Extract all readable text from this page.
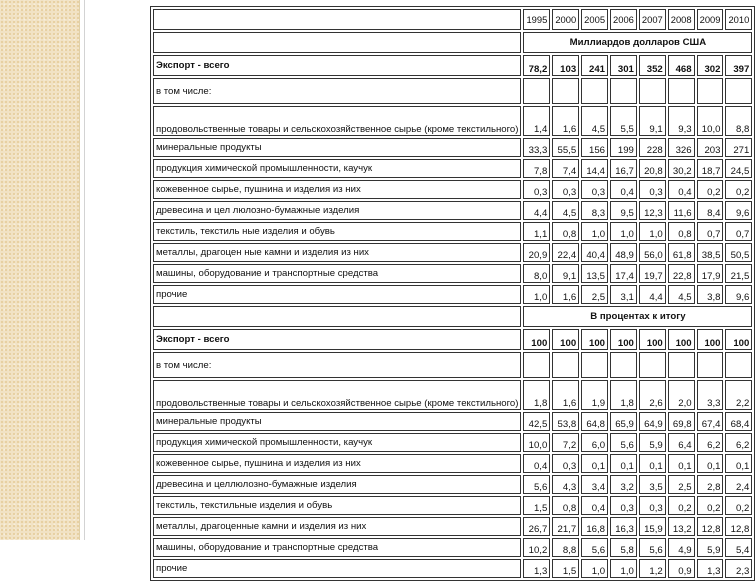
	1995	2000	2005	2006	2007	2008	2009	2010
	Миллиардов долларов США							
Экспорт - всего	78,2	103	241	301	352	468	302	397
в том числе:								
продовольственные товары и сельскохозяйственное сырье (кроме текстильного)	1,4	1,6	4,5	5,5	9,1	9,3	10,0	8,8
минеральные продукты	33,3	55,5	156	199	228	326	203	271
продукция химической промышленности, каучук	7,8	7,4	14,4	16,7	20,8	30,2	18,7	24,5
кожевенное сырье, пушнина и изделия из них	0,3	0,3	0,3	0,4	0,3	0,4	0,2	0,2
древесина и цел люлозно-бумажные изделия	4,4	4,5	8,3	9,5	12,3	11,6	8,4	9,6
текстиль, текстиль ные изделия и обувь	1,1	0,8	1,0	1,0	1,0	0,8	0,7	0,7
металлы, драгоцен ные камни и изделия из них	20,9	22,4	40,4	48,9	56,0	61,8	38,5	50,5
машины, оборудование и транспортные средства	8,0	9,1	13,5	17,4	19,7	22,8	17,9	21,5
прочие	1,0	1,6	2,5	3,1	4,4	4,5	3,8	9,6
	В процентах к итогу							
Экспорт - всего	100	100	100	100	100	100	100	100
в том числе:								
продовольственные товары и сельскохозяйственное сырье (кроме текстильного)	1,8	1,6	1,9	1,8	2,6	2,0	3,3	2,2
минеральные продукты	42,5	53,8	64,8	65,9	64,9	69,8	67,4	68,4
продукция химической промышленности, каучук	10,0	7,2	6,0	5,6	5,9	6,4	6,2	6,2
кожевенное сырье, пушнина и изделия из них	0,4	0,3	0,1	0,1	0,1	0,1	0,1	0,1
древесина и целлюлозно-бумажные изделия	5,6	4,3	3,4	3,2	3,5	2,5	2,8	2,4
текстиль, текстильные изделия и обувь	1,5	0,8	0,4	0,3	0,3	0,2	0,2	0,2
металлы, драгоценные камни и изделия из них	26,7	21,7	16,8	16,3	15,9	13,2	12,8	12,8
машины, оборудование и транспортные средства	10,2	8,8	5,6	5,8	5,6	4,9	5,9	5,4
прочие	1,3	1,5	1,0	1,0	1,2	0,9	1,3	2,3
